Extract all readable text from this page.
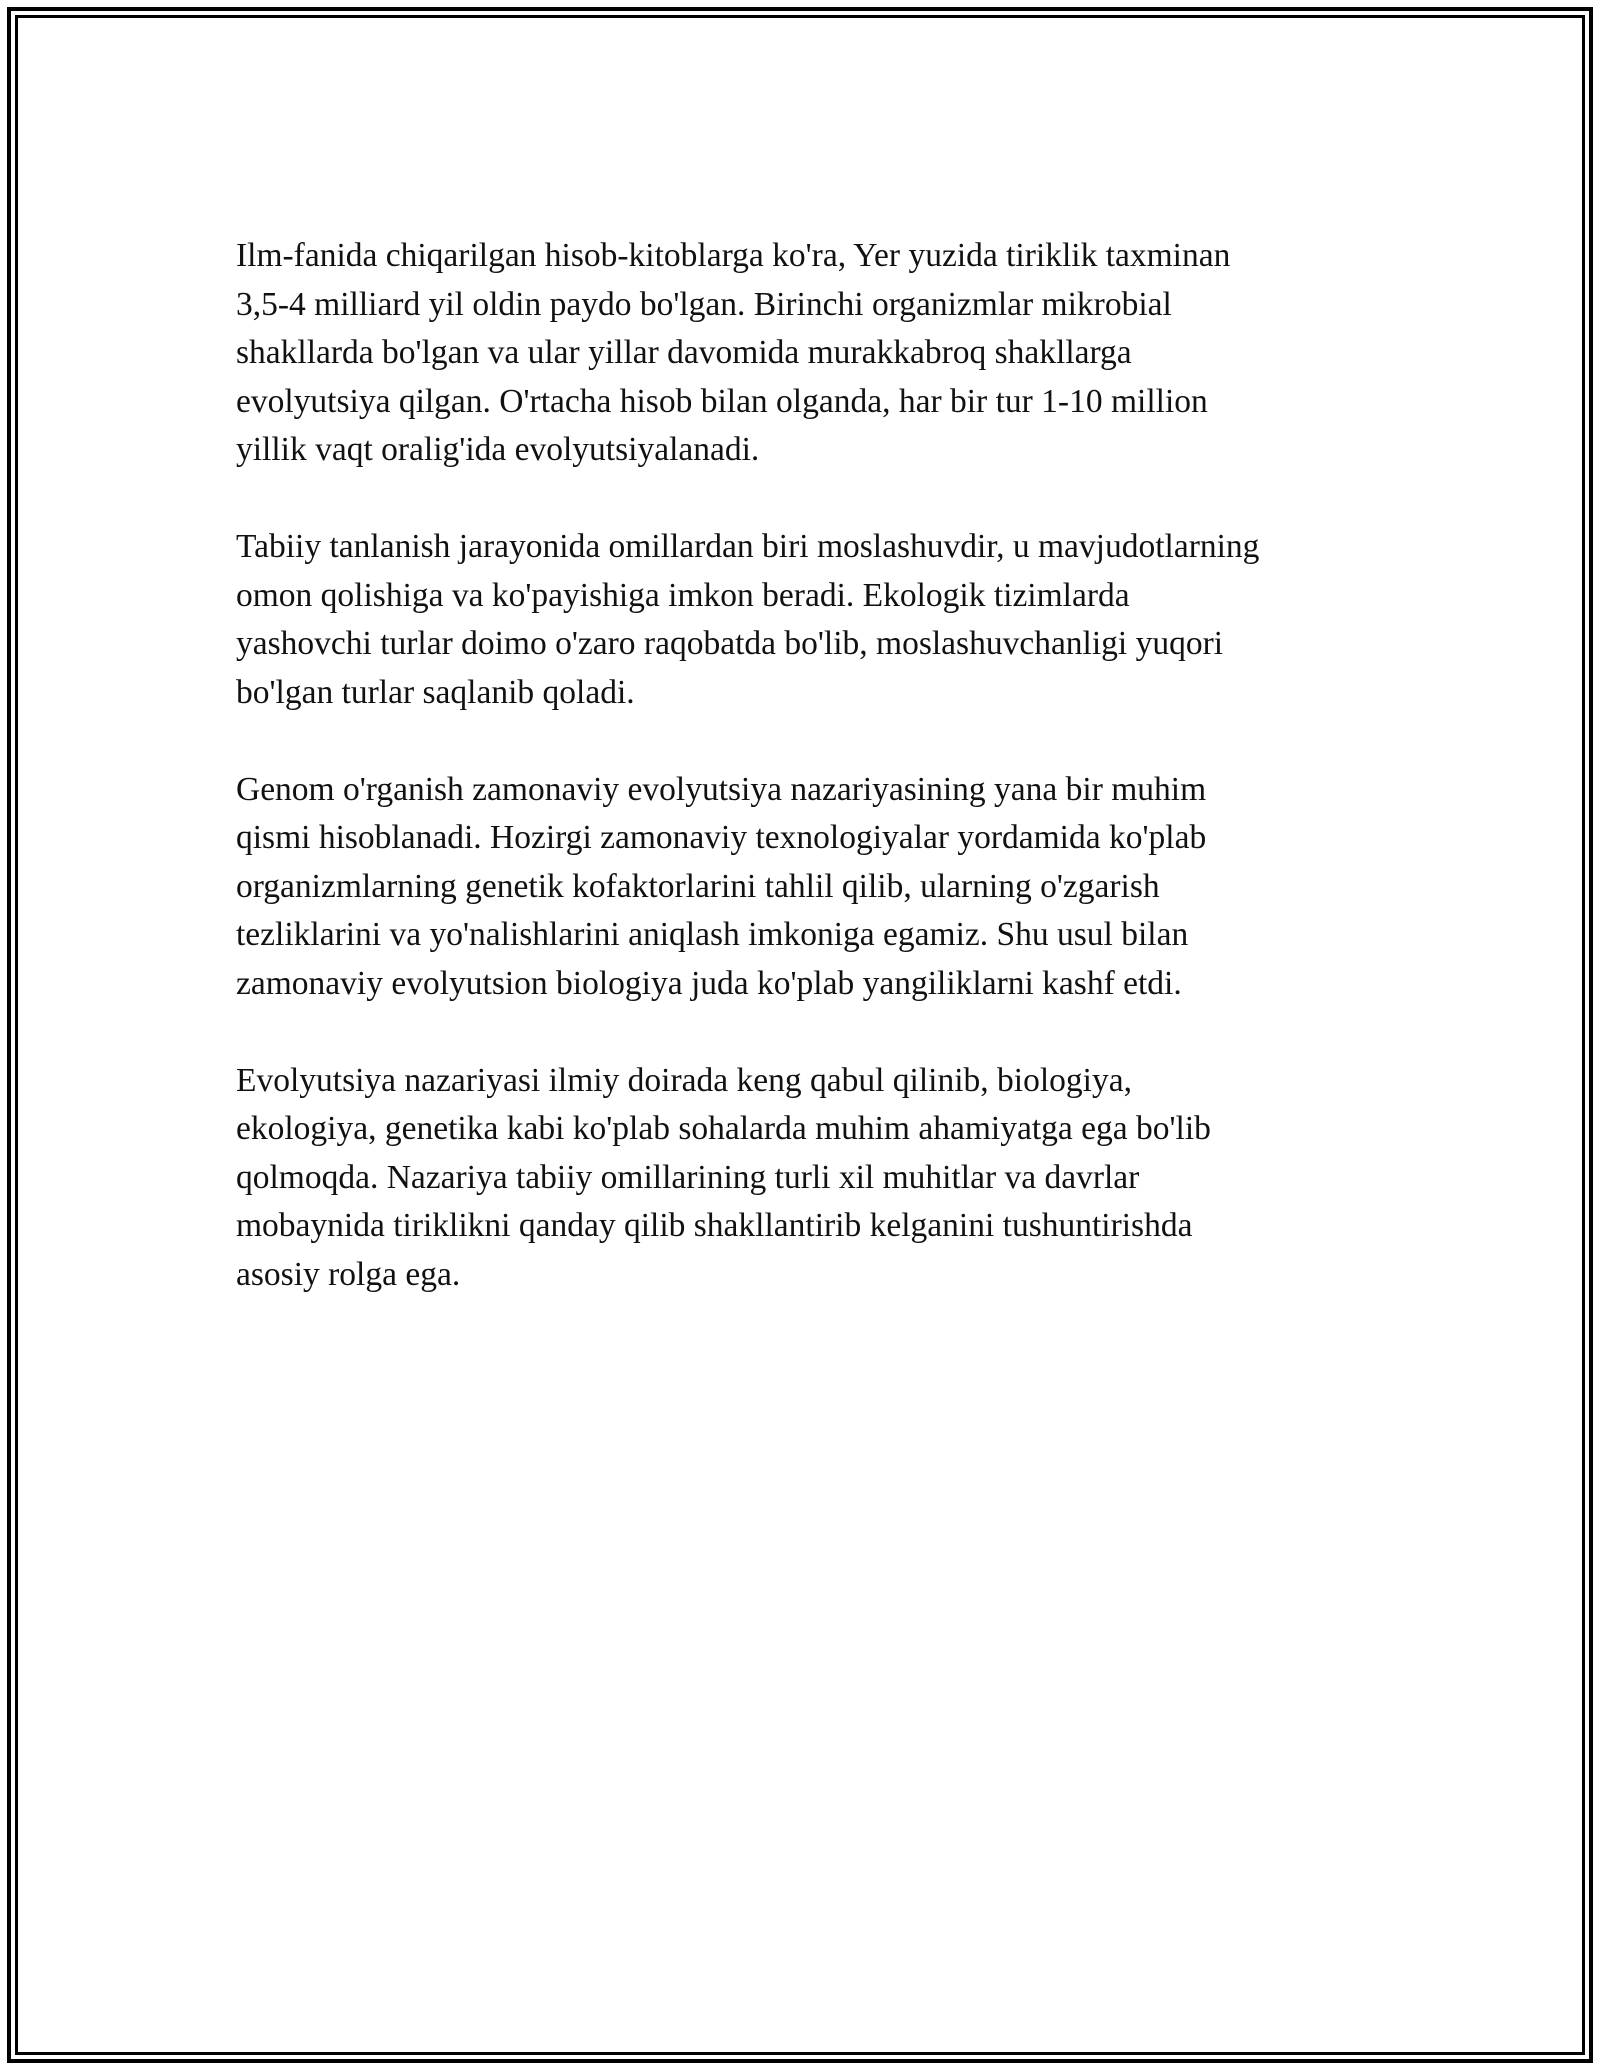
Ilm-fanida chiqarilgan hisob-kitoblarga ko'ra, Yer yuzida tiriklik taxminan
3,5-4 milliard yil oldin paydo bo'lgan. Birinchi organizmlar mikrobial
shakllarda bo'lgan va ular yillar davomida murakkabroq shakllarga
evolyutsiya qilgan. O'rtacha hisob bilan olganda, har bir tur 1-10 million
yillik vaqt oralig'ida evolyutsiyalanadi.

Tabiiy tanlanish jarayonida omillardan biri moslashuvdir, u mavjudotlarning
omon qolishiga va ko'payishiga imkon beradi. Ekologik tizimlarda
yashovchi turlar doimo o'zaro raqobatda bo'lib, moslashuvchanligi yuqori
bo'lgan turlar saqlanib qoladi.

Genom o'rganish zamonaviy evolyutsiya nazariyasining yana bir muhim
qismi hisoblanadi. Hozirgi zamonaviy texnologiyalar yordamida ko'plab
organizmlarning genetik kofaktorlarini tahlil qilib, ularning o'zgarish
tezliklarini va yo'nalishlarini aniqlash imkoniga egamiz. Shu usul bilan
zamonaviy evolyutsion biologiya juda ko'plab yangiliklarni kashf etdi.

Evolyutsiya nazariyasi ilmiy doirada keng qabul qilinib, biologiya,
ekologiya, genetika kabi ko'plab sohalarda muhim ahamiyatga ega bo'lib
qolmoqda. Nazariya tabiiy omillarining turli xil muhitlar va davrlar
mobaynida tiriklikni qanday qilib shakllantirib kelganini tushuntirishda
asosiy rolga ega.
